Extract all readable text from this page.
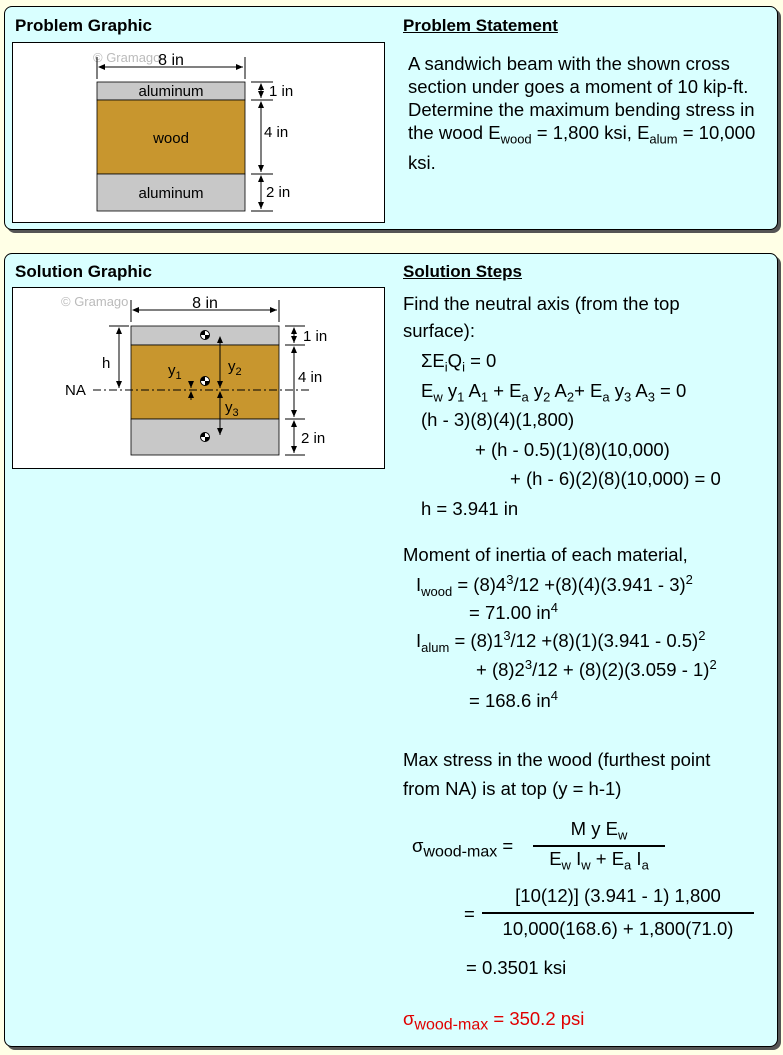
Problem Graphic	Problem Statement
© Gramago
8 in
aluminum
wood
aluminum
1 in
4 in
2 in
A sandwich beam with the shown cross section under goes a moment of 10 kip-ft. Determine the maximum bending stress in the wood $E_{wood} = 1,800$ ksi, $E_{alum} = 10,000$ ksi.
Solution Graphic	Solution Steps
© Gramago	8 in
NA
h	$y_1$
$y_2$
$y_3$
1 in
4 in
2 in
Find the neutral axis (from the top
surface):
$\Sigma E_iQ_i = 0$
$E_w$ $y_1$ $A_1 + E_a$ $y_2$ $A_2+ E_a$ $y_3$ $A_3 = 0$
(h - 3)(8)(4)(1,800)
+ (h - 0.5)(1)(8)(10,000)
+ (h - 6)(2)(8)(10,000) = 0
h = 3.941 in
Moment of inertia of each material,
$I_{wood} = (8)4^3/12 +(8)(4)(3.941 - 3)^2$
= 71.00 $in^4$
$I_{alum} = (8)1^3/12 +(8)(1)(3.941 - 0.5)^2$
+ $(8)2^3/12 + (8)(2)(3.059 - 1)^2$
= 168.6 $in^4$
Max stress in the wood (furthest point
from NA) is at top (y = h-1)
$\sigma_{wood-max}$ =
M y $E_w$
$E_w$ $I_w + E_a$ $I_a$
=
[10(12)] (3.941 - 1) 1,800
10,000(168.6) + 1,800(71.0)
= 0.3501 ksi
$\sigma_{wood-max} = 350.2$ psi
